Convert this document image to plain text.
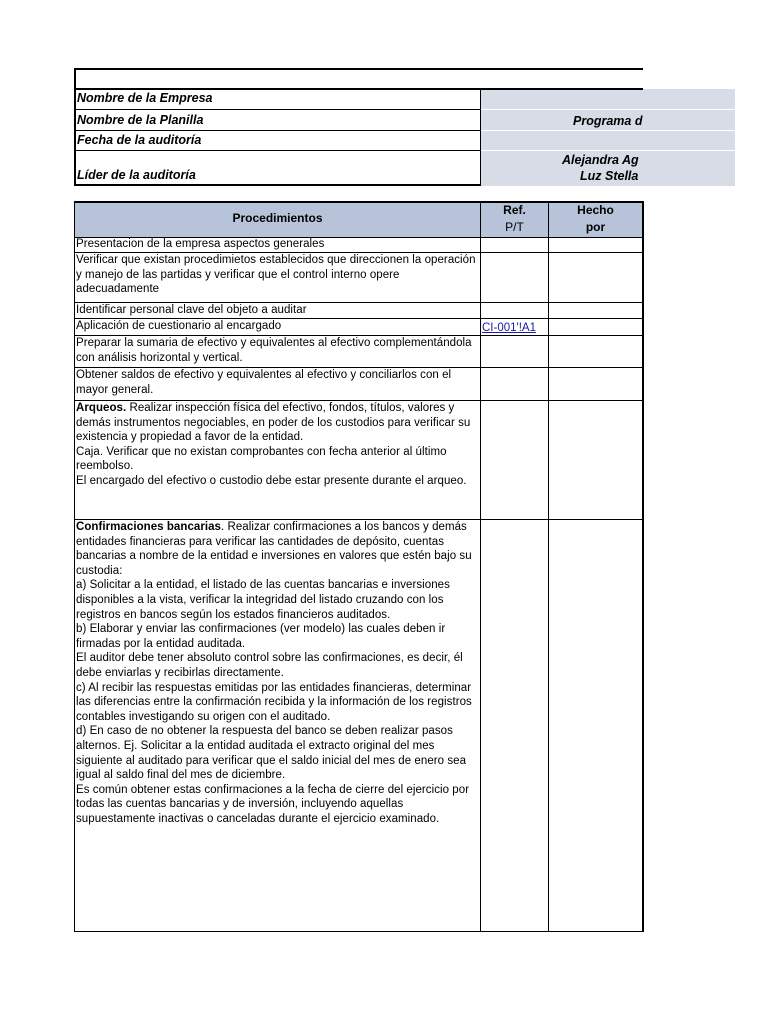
Nombre de la Empresa
Nombre de la Planilla	Programa d
Fecha de la auditoría
Líder de la auditoría
Alejandra Ag
Luz Stella
Procedimientos
Ref.
P/T
Hecho
por
Presentacion de la empresa aspectos generales
Verificar que existan procedimietos establecidos que direccionen la operación y manejo de las partidas y verificar que el control interno opere adecuadamente
Identificar personal clave del objeto a auditar
Aplicación de cuestionario al encargado	CI-001'!A1
Preparar la sumaria de efectivo y equivalentes al efectivo complementándola con análisis horizontal y vertical.
Obtener saldos de efectivo y equivalentes al efectivo y conciliarlos con el mayor general.
Arqueos. Realizar inspección física del efectivo, fondos, títulos, valores y demás instrumentos negociables, en poder de los custodios para verificar su existencia y propiedad a favor de la entidad.
Caja. Verificar que no existan comprobantes con fecha anterior al último reembolso.
El encargado del efectivo o custodio debe estar presente durante el arqueo.
Confirmaciones bancarias. Realizar confirmaciones a los bancos y demás entidades financieras para verificar las cantidades de depósito, cuentas bancarias a nombre de la entidad e inversiones en valores que estén bajo su custodia:
a) Solicitar a la entidad, el listado de las cuentas bancarias e inversiones disponibles a la vista, verificar la integridad del listado cruzando con los registros en bancos según los estados financieros auditados.
b) Elaborar y enviar las confirmaciones (ver modelo) las cuales deben ir firmadas por la entidad auditada.
El auditor debe tener absoluto control sobre las confirmaciones, es decir, él debe enviarlas y recibirlas directamente.
c) Al recibir las respuestas emitidas por las entidades financieras, determinar las diferencias entre la confirmación recibida y la información de los registros contables investigando su origen con el auditado.
d) En caso de no obtener la respuesta del banco se deben realizar pasos alternos. Ej. Solicitar a la entidad auditada el extracto original del mes siguiente al auditado para verificar que el saldo inicial del mes de enero sea igual al saldo final del mes de diciembre.
Es común obtener estas confirmaciones a la fecha de cierre del ejercicio por todas las cuentas bancarias y de inversión, incluyendo aquellas supuestamente inactivas o canceladas durante el ejercicio examinado.
